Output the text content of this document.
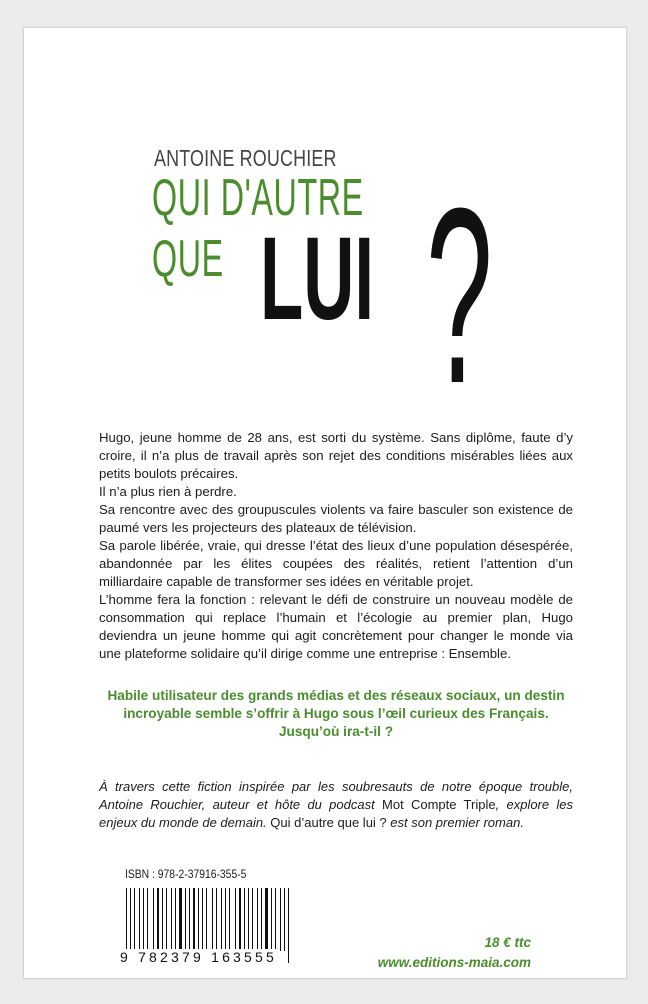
ANTOINE ROUCHIER
QUI D'AUTRE
QUE LUI ?

Hugo, jeune homme de 28 ans, est sorti du système. Sans diplôme, faute d’y croire, il n’a plus de travail après son rejet des conditions misérables liées aux petits boulots précaires.

Il n’a plus rien à perdre.

Sa rencontre avec des groupuscules violents va faire basculer son existence de paumé vers les projecteurs des plateaux de télévision.

Sa parole libérée, vraie, qui dresse l’état des lieux d’une population désespérée, abandonnée par les élites coupées des réalités, retient l’attention d’un milliardaire capable de transformer ses idées en véritable projet.

L’homme fera la fonction : relevant le défi de construire un nouveau modèle de consommation qui replace l’humain et l’écologie au premier plan, Hugo deviendra un jeune homme qui agit concrètement pour changer le monde via une plateforme solidaire qu’il dirige comme une entreprise : Ensemble.

Habile utilisateur des grands médias et des réseaux sociaux, un destin

incroyable semble s’offrir à Hugo sous l’œil curieux des Français.

Jusqu’où ira-t-il ?

À travers cette fiction inspirée par les soubresauts de notre époque trouble, Antoine Rouchier, auteur et hôte du podcast Mot Compte Triple, explore les enjeux du monde de demain. Qui d’autre que lui ? est son premier roman.
ISBN : 978-2-37916-355-5
9 782379 163555
18 € ttc
www.editions-maia.com
